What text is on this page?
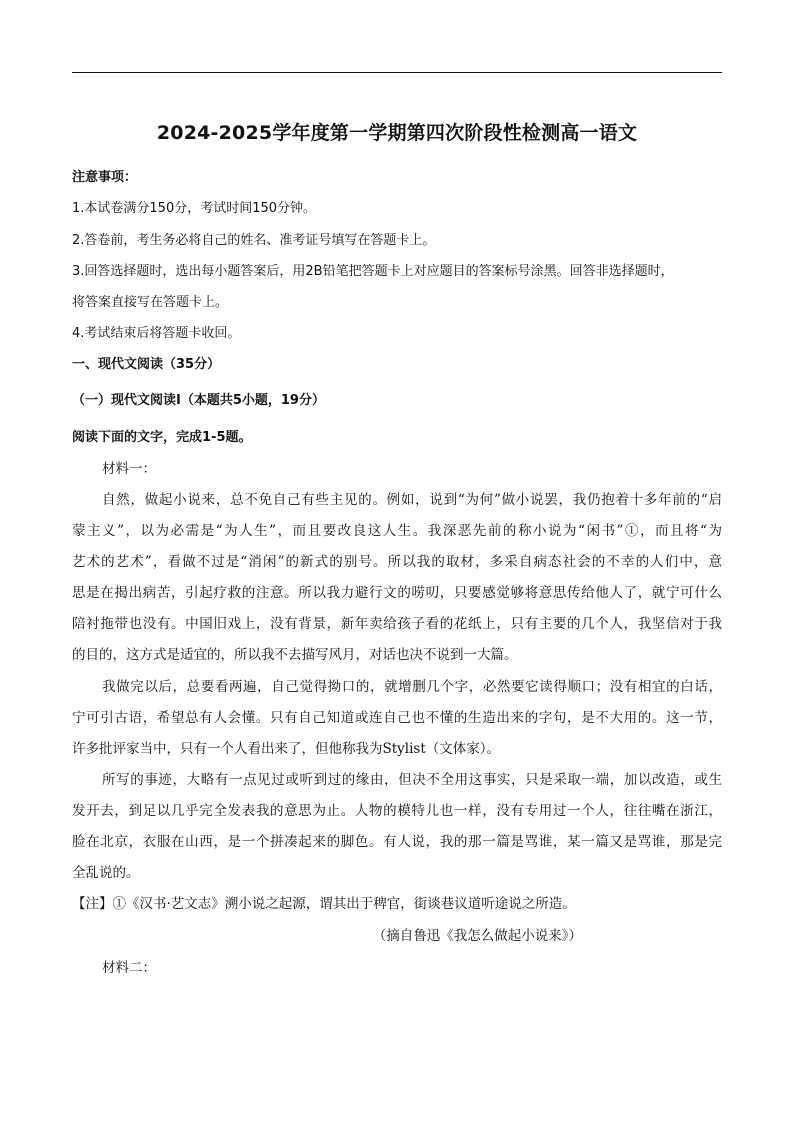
2024-2025学年度第一学期第四次阶段性检测高一语文
注意事项：
1.本试卷满分150分，考试时间150分钟。
2.答卷前，考生务必将自己的姓名、准考证号填写在答题卡上。
3.回答选择题时，选出每小题答案后，用2B铅笔把答题卡上对应题目的答案标号涂黑。回答非选择题时，
将答案直接写在答题卡上。
4.考试结束后将答题卡收回。
一、现代文阅读（35分）
（一）现代文阅读Ⅰ（本题共5小题，19分）
阅读下面的文字，完成1-5题。
材料一：
自然，做起小说来，总不免自己有些主见的。例如，说到“为何”做小说罢，我仍抱着十多年前的“启
蒙主义”，以为必需是“为人生”，而且要改良这人生。我深恶先前的称小说为“闲书”①，而且将“为
艺术的艺术”，看做不过是“消闲”的新式的别号。所以我的取材，多采自病态社会的不幸的人们中，意
思是在揭出病苦，引起疗救的注意。所以我力避行文的唠叨，只要感觉够将意思传给他人了，就宁可什么
陪衬拖带也没有。中国旧戏上，没有背景，新年卖给孩子看的花纸上，只有主要的几个人，我坚信对于我
的目的，这方式是适宜的，所以我不去描写风月，对话也决不说到一大篇。
我做完以后，总要看两遍，自己觉得拗口的，就增删几个字，必然要它读得顺口；没有相宜的白话，
宁可引古语，希望总有人会懂。只有自己知道或连自己也不懂的生造出来的字句，是不大用的。这一节，
许多批评家当中，只有一个人看出来了，但他称我为Stylist（文体家）。
所写的事迹，大略有一点见过或听到过的缘由，但决不全用这事实，只是采取一端，加以改造，或生
发开去，到足以几乎完全发表我的意思为止。人物的模特儿也一样，没有专用过一个人，往往嘴在浙江，
脸在北京，衣服在山西，是一个拼凑起来的脚色。有人说，我的那一篇是骂谁，某一篇又是骂谁，那是完
全乱说的。
【注】①《汉书·艺文志》溯小说之起源，谓其出于稗官，街谈巷议道听途说之所造。
（摘自鲁迅《我怎么做起小说来》）
材料二：
